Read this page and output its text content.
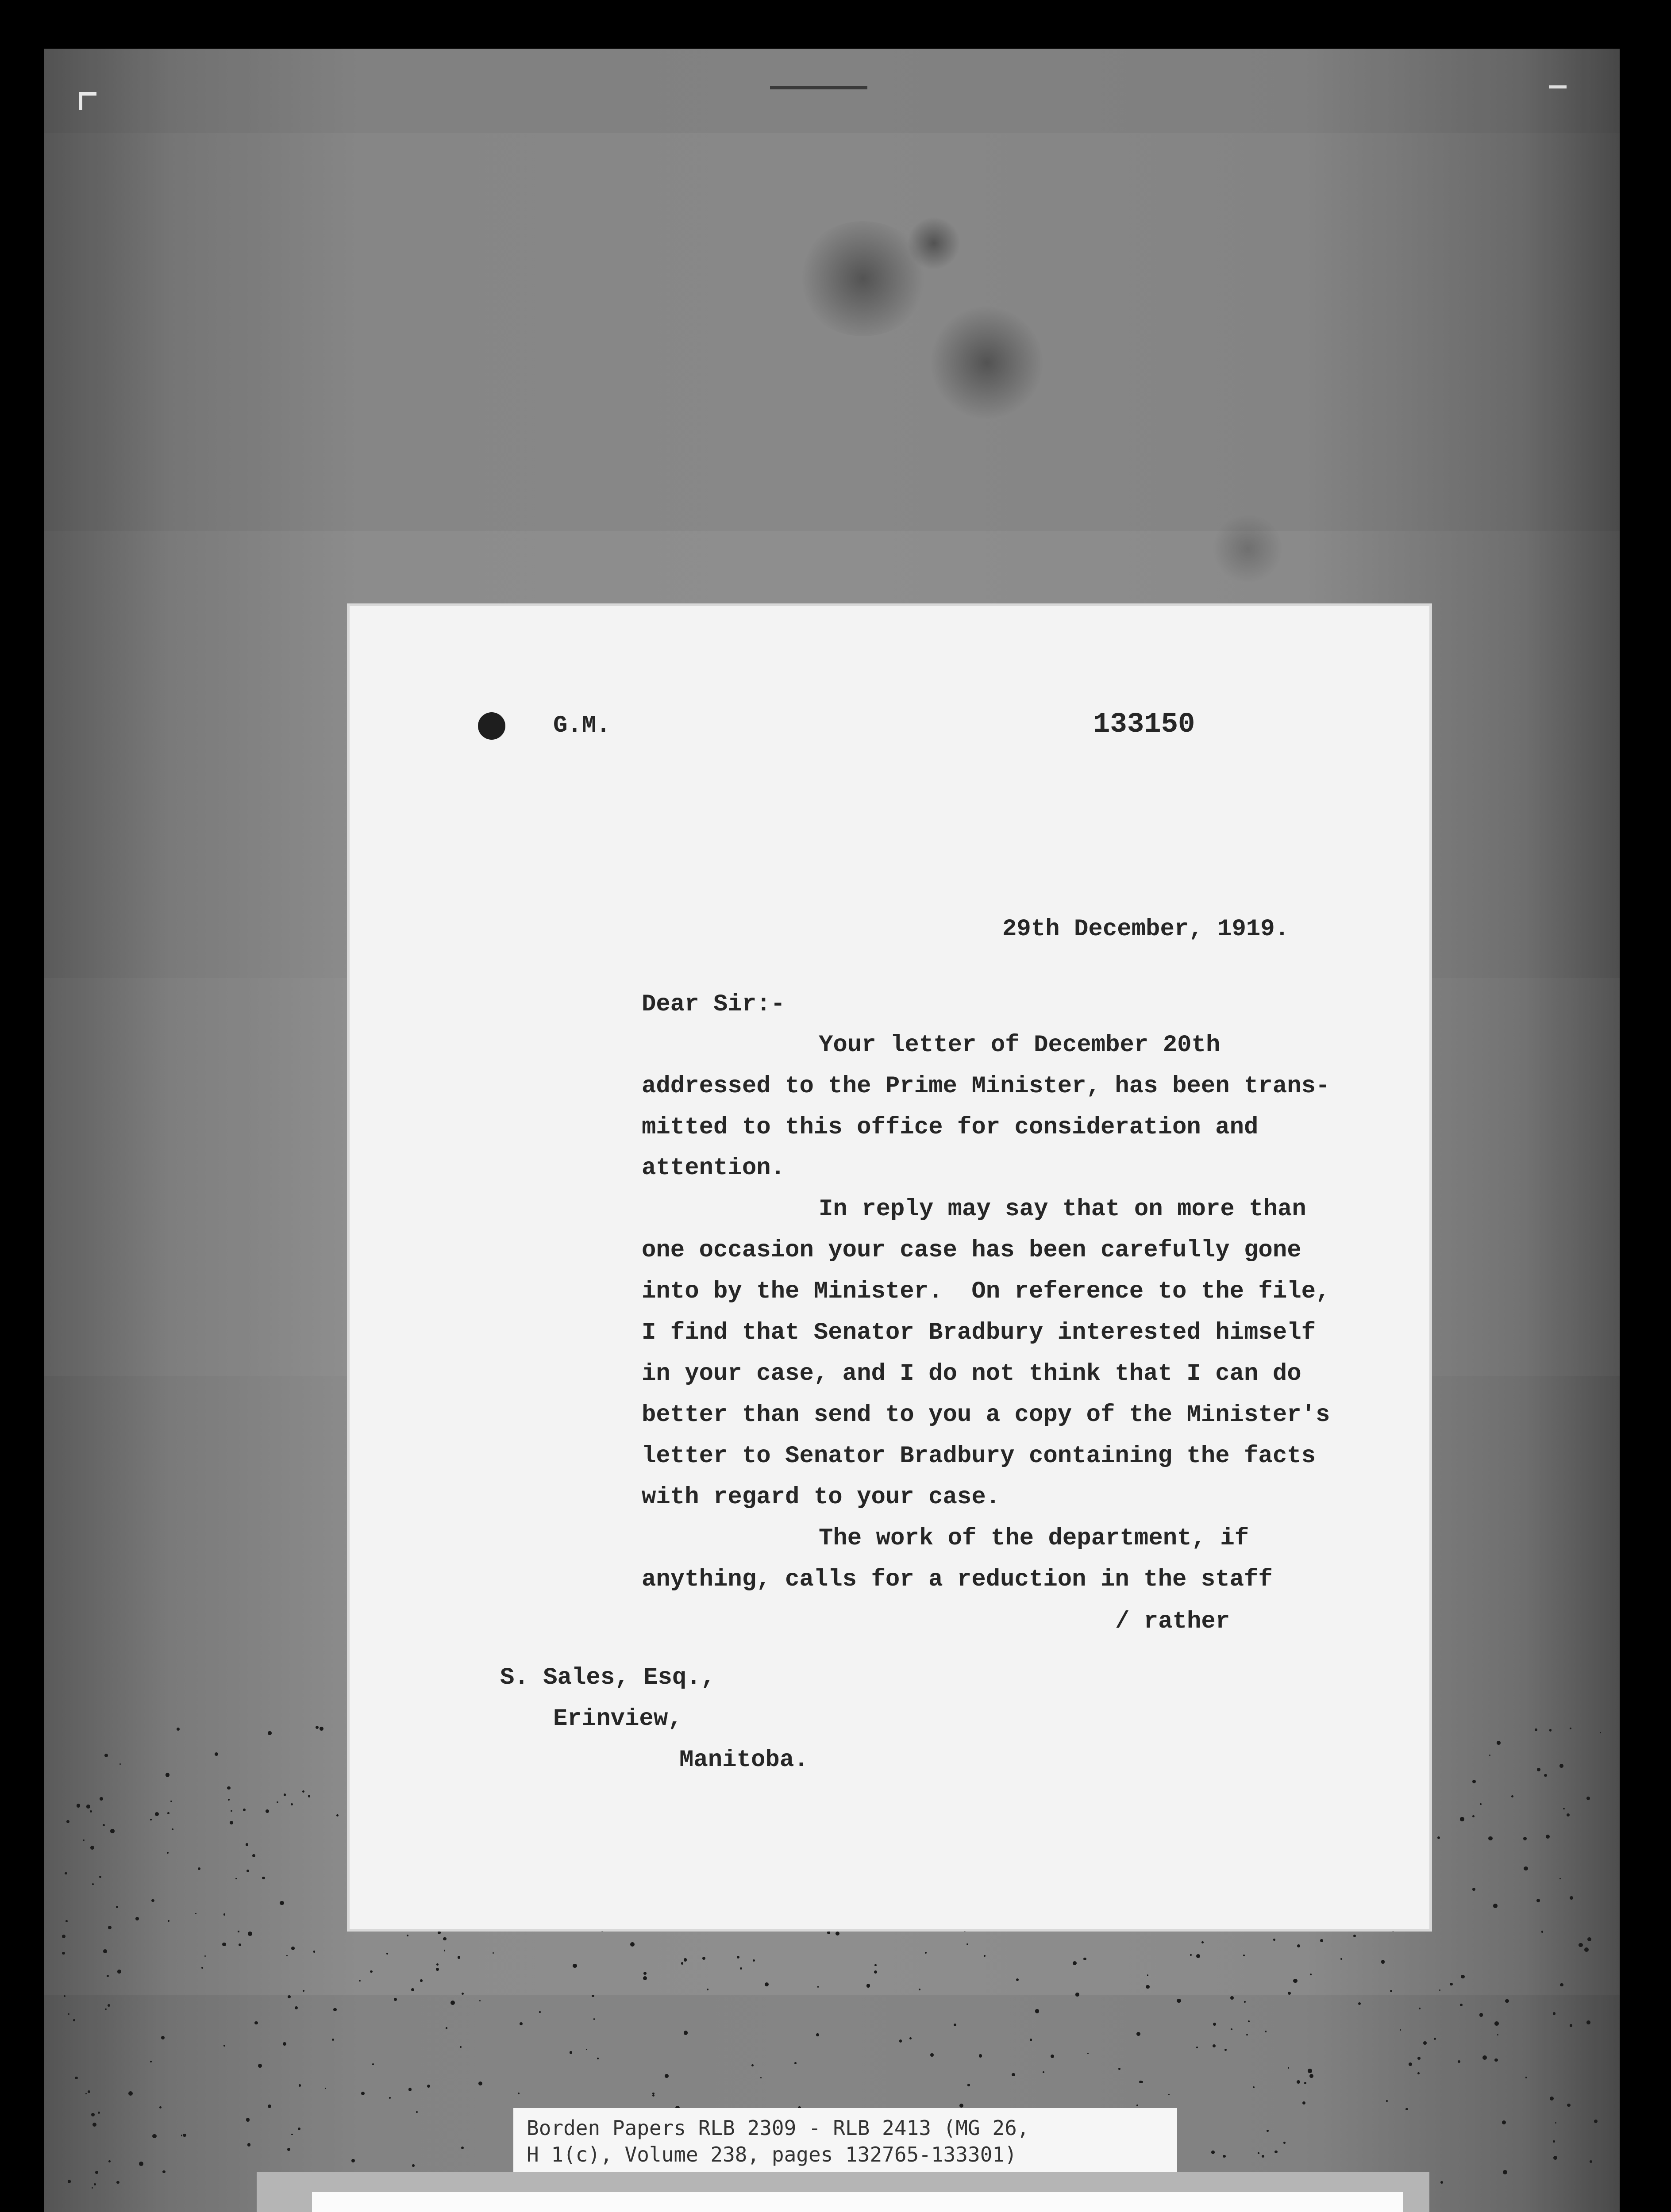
G.M.	133150
29th December, 1919.
Dear Sir:-
Your letter of December 20th
addressed to the Prime Minister, has been trans-
mitted to this office for consideration and
attention.
In reply may say that on more than
one occasion your case has been carefully gone
into by the Minister.  On reference to the file,
I find that Senator Bradbury interested himself
in your case, and I do not think that I can do
better than send to you a copy of the Minister's
letter to Senator Bradbury containing the facts
with regard to your case.
The work of the department, if
anything, calls for a reduction in the staff
/ rather
S. Sales, Esq.,
Erinview,
Manitoba.
Borden Papers RLB 2309 - RLB 2413 (MG 26,
H 1(c), Volume 238, pages 132765-133301)
